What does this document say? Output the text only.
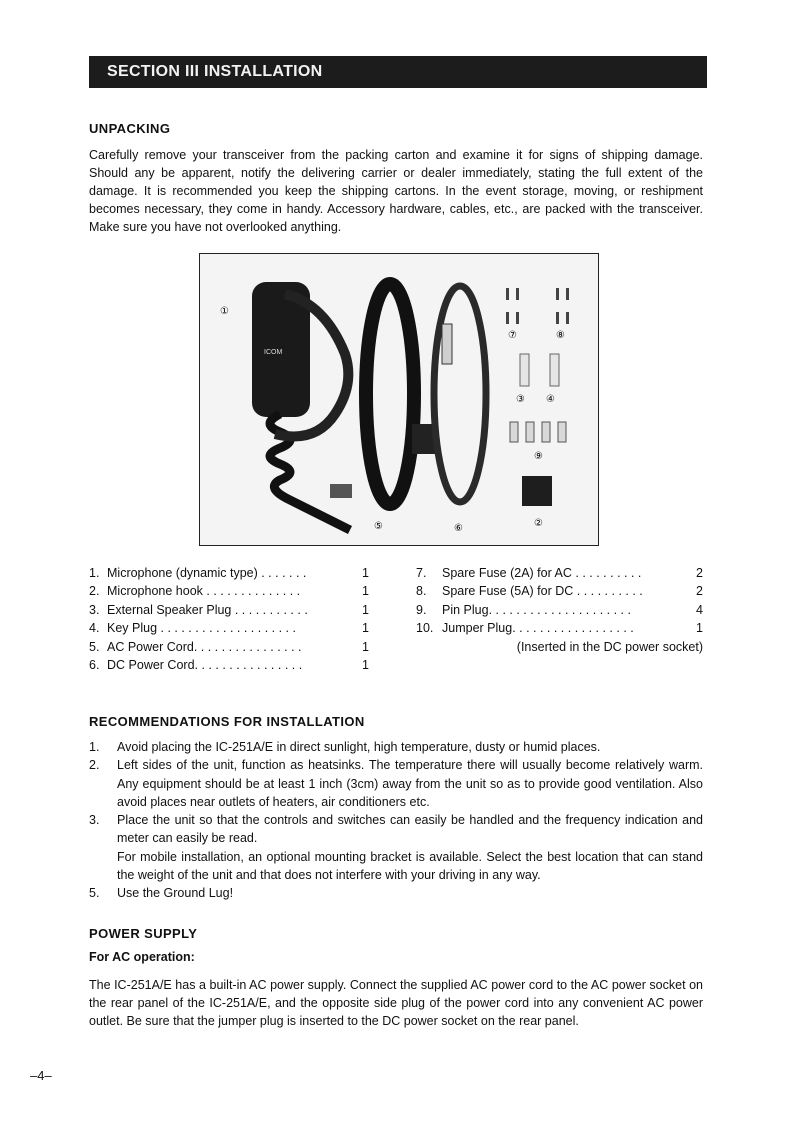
SECTION III INSTALLATION
UNPACKING

Carefully remove your transceiver from the packing carton and examine it for signs of shipping damage. Should any be apparent, notify the delivering carrier or dealer immediately, stating the full extent of the damage. It is recommended you keep the shipping cartons. In the event storage, moving, or reshipment becomes necessary, they come in handy. Accessory hardware, cables, etc., are packed with the transceiver. Make sure you have not overlooked anything.

ICOM
①
⑦	⑧
③ ④
⑨
⑤	⑥	②
1. Microphone (dynamic type) . . . . . . .	1
2. Microphone hook . . . . . . . . . . . . . .	1
3. External Speaker Plug . . . . . . . . . . .	1
4. Key Plug . . . . . . . . . . . . . . . . . . . .	1
5. AC Power Cord. . . . . . . . . . . . . . . .	1
6. DC Power Cord. . . . . . . . . . . . . . . .	1
7. Spare Fuse (2A) for AC . . . . . . . . . .	2
8. Spare Fuse (5A) for DC . . . . . . . . . .	2
9. Pin Plug. . . . . . . . . . . . . . . . . . . . .	4
10. Jumper Plug. . . . . . . . . . . . . . . . . .	1
(Inserted in the DC power socket)
RECOMMENDATIONS FOR INSTALLATION
1. Avoid placing the IC-251A/E in direct sunlight, high temperature, dusty or humid places.
2. Left sides of the unit, function as heatsinks. The temperature there will usually become relatively warm. Any equipment should be at least 1 inch (3cm) away from the unit so as to provide good ventilation. Also avoid places near outlets of heaters, air conditioners etc.
3. Place the unit so that the controls and switches can easily be handled and the frequency indication and meter can easily be read.
For mobile installation, an optional mounting bracket is available. Select the best location that can stand the weight of the unit and that does not interfere with your driving in any way.
5. Use the Ground Lug!
POWER SUPPLY
For AC operation:

The IC-251A/E has a built-in AC power supply. Connect the supplied AC power cord to the AC power socket on the rear panel of the IC-251A/E, and the opposite side plug of the power cord into any convenient AC power outlet. Be sure that the jumper plug is inserted to the DC power socket on the rear panel.

–4–
